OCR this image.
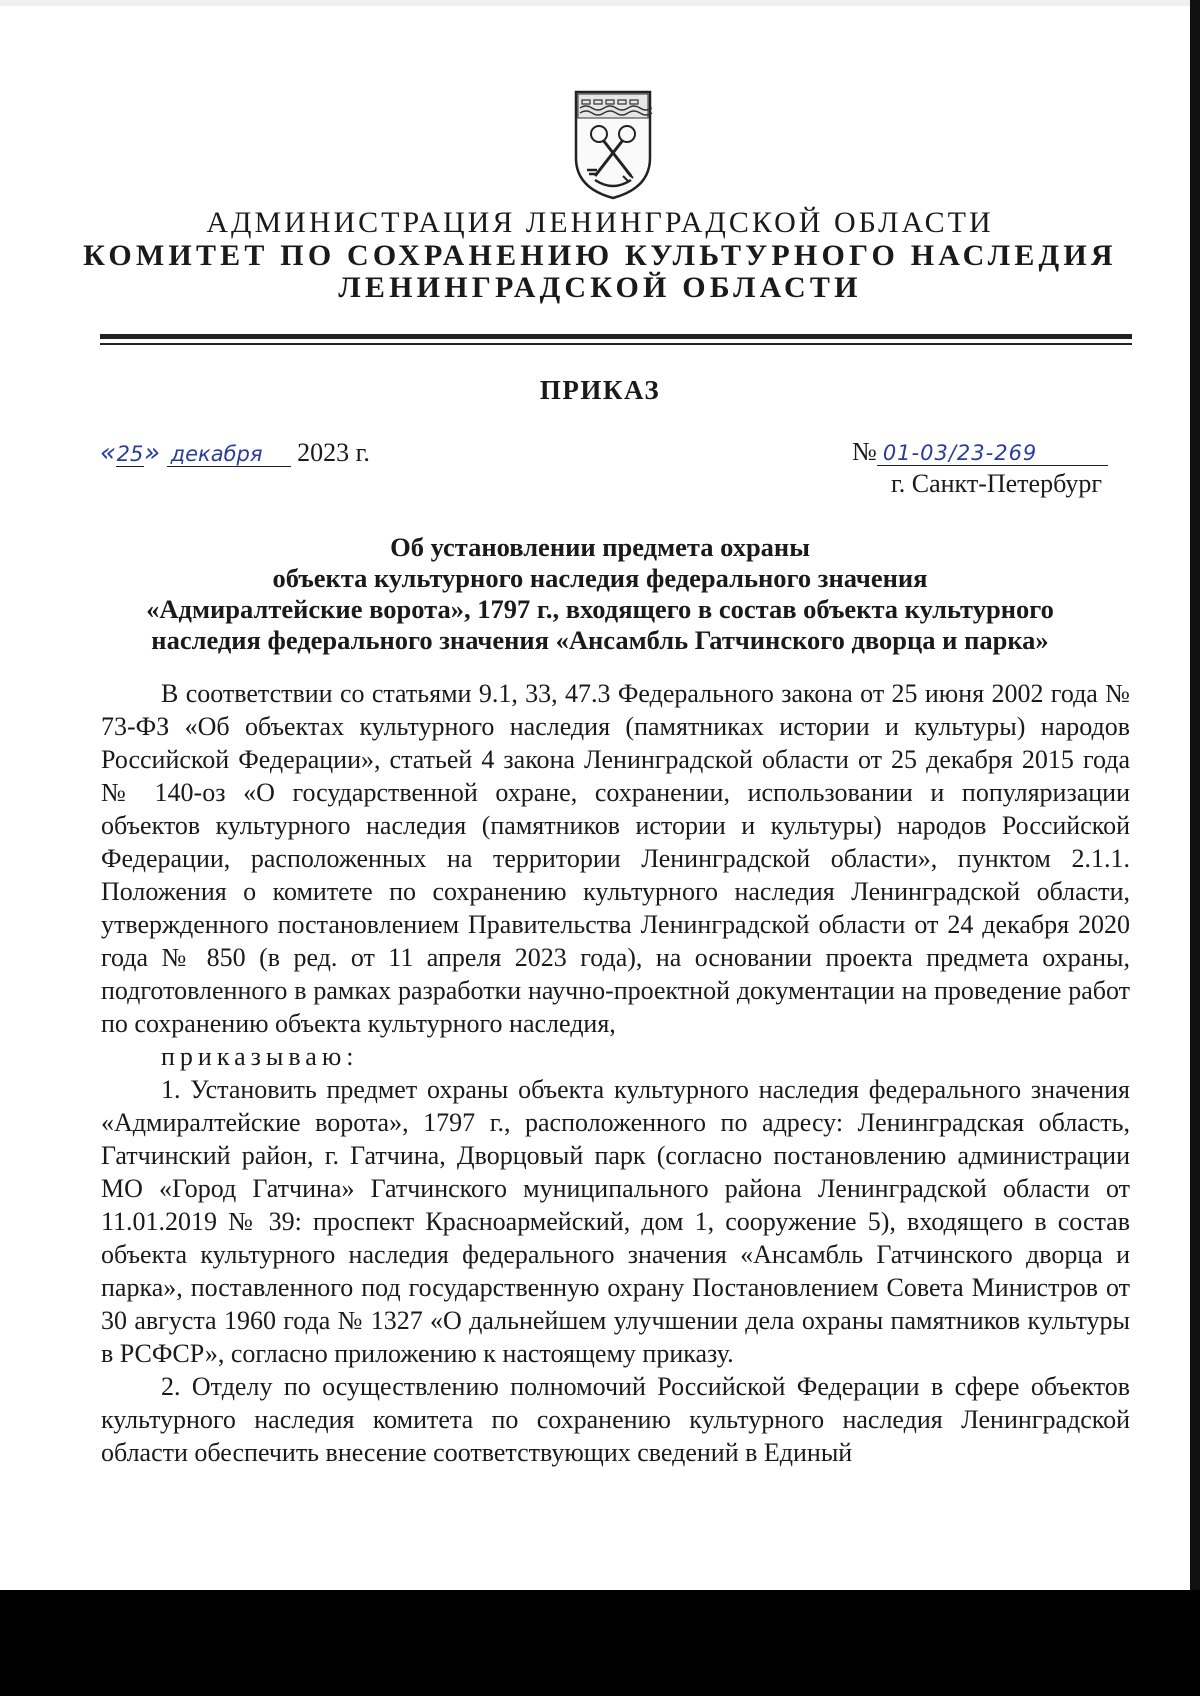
АДМИНИСТРАЦИЯ ЛЕНИНГРАДСКОЙ ОБЛАСТИ
КОМИТЕТ ПО СОХРАНЕНИЮ КУЛЬТУРНОГО НАСЛЕДИЯ
ЛЕНИНГРАДСКОЙ ОБЛАСТИ
ПРИКАЗ
«25» декабря 2023 г.	№ 01-03/23-269
г. Санкт-Петербург
Об установлении предмета охраны
объекта культурного наследия федерального значения
«Адмиралтейские ворота», 1797 г., входящего в состав объекта культурного
наследия федерального значения «Ансамбль Гатчинского дворца и парка»

В соответствии со статьями 9.1, 33, 47.3 Федерального закона от 25 июня 2002 года № 73-ФЗ «Об объектах культурного наследия (памятниках истории и культуры) народов Российской Федерации», статьей 4 закона Ленинградской области от 25 декабря 2015 года № 140-оз «О государственной охране, сохранении, использовании и популяризации объектов культурного наследия (памятников истории и культуры) народов Российской Федерации, расположенных на территории Ленинградской области», пунктом 2.1.1. Положения о комитете по сохранению культурного наследия Ленинградской области, утвержденного постановлением Правительства Ленинградской области от 24 декабря 2020 года № 850 (в ред. от 11 апреля 2023 года), на основании проекта предмета охраны, подготовленного в рамках разработки научно-проектной документации на проведение работ по сохранению объекта культурного наследия,

приказываю:

1. Установить предмет охраны объекта культурного наследия федерального значения «Адмиралтейские ворота», 1797 г., расположенного по адресу: Ленинградская область, Гатчинский район, г. Гатчина, Дворцовый парк (согласно постановлению администрации МО «Город Гатчина» Гатчинского муниципального района Ленинградской области от 11.01.2019 № 39: проспект Красноармейский, дом 1, сооружение 5), входящего в состав объекта культурного наследия федерального значения «Ансамбль Гатчинского дворца и парка», поставленного под государственную охрану Постановлением Совета Министров от 30 августа 1960 года № 1327 «О дальнейшем улучшении дела охраны памятников культуры в РСФСР», согласно приложению к настоящему приказу.

2. Отделу по осуществлению полномочий Российской Федерации в сфере объектов культурного наследия комитета по сохранению культурного наследия Ленинградской области обеспечить внесение соответствующих сведений в Единый
